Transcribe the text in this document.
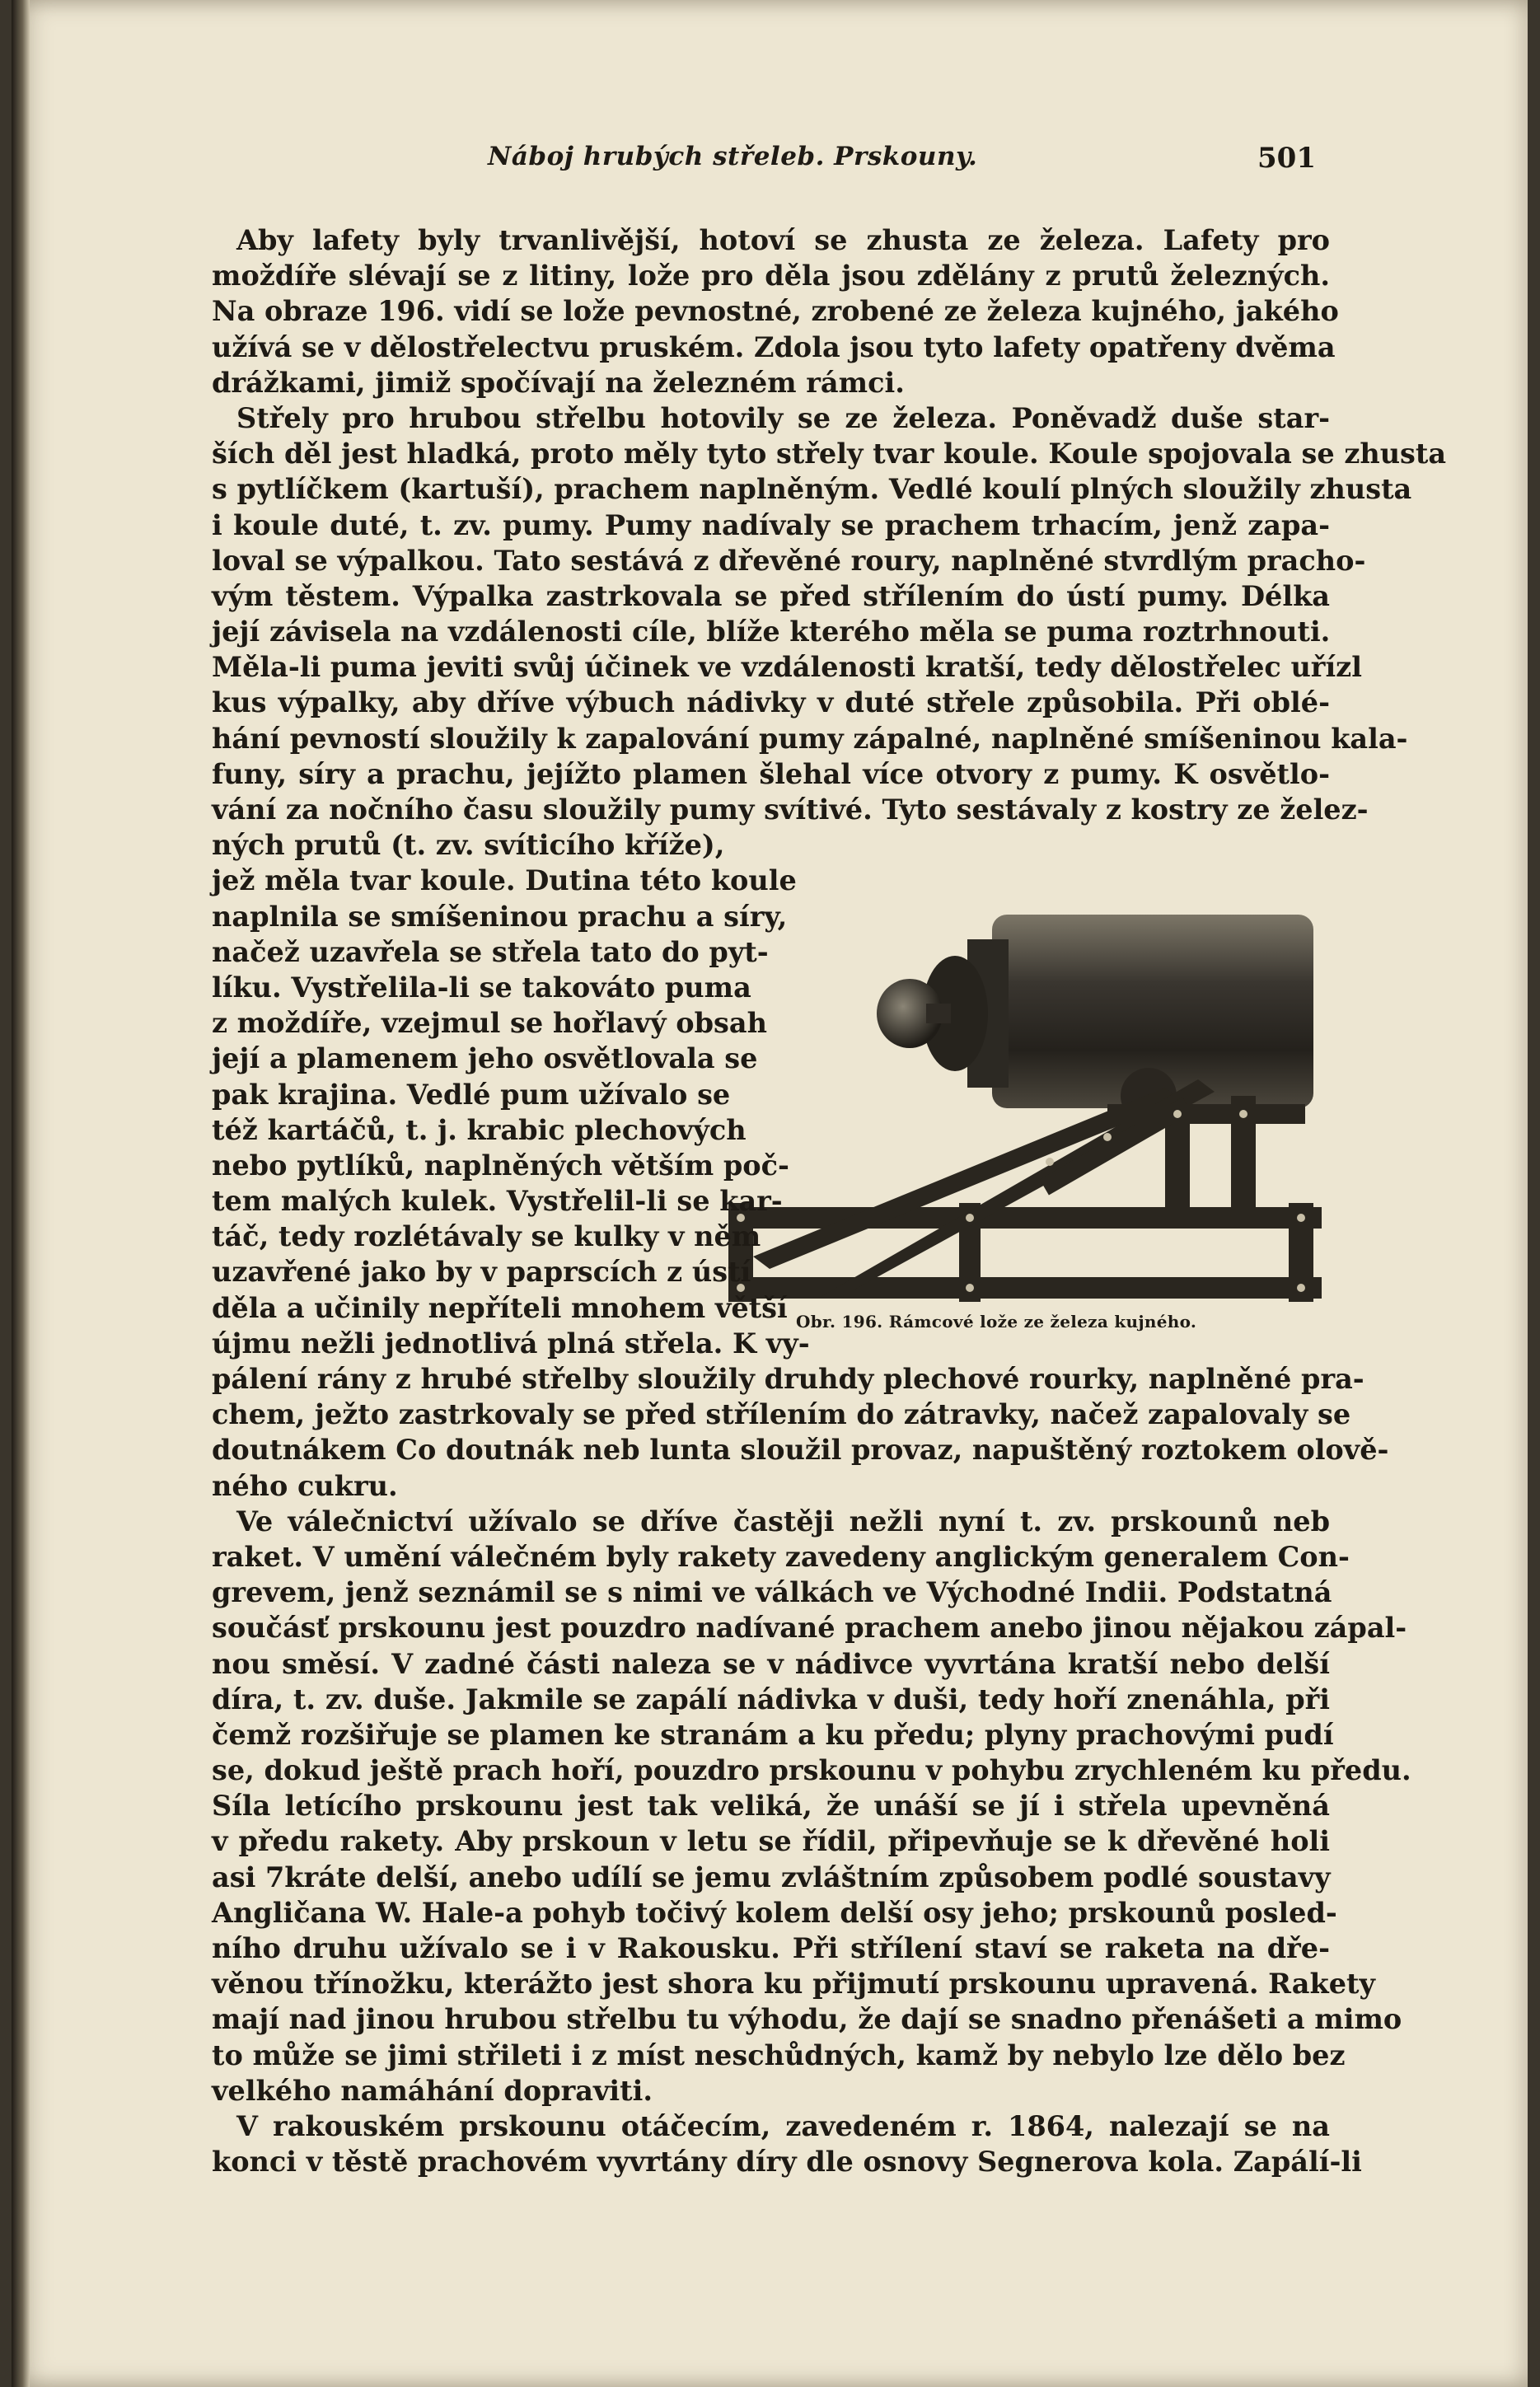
Náboj hrubých střeleb. Prskouny.	501
Obr. 196. Rámcové lože ze železa kujného.

Aby lafety byly trvanlivější, hotoví se zhusta ze železa. Lafety pro
moždíře slévají se z litiny, lože pro děla jsou zdělány z prutů železných.
Na obraze 196. vidí se lože pevnostné, zrobené ze železa kujného, jakého
užívá se v dělostřelectvu pruském. Zdola jsou tyto lafety opatřeny dvěma
drážkami, jimiž spočívají na železném rámci.

Střely pro hrubou střelbu hotovily se ze železa. Poněvadž duše star-
ších děl jest hladká, proto měly tyto střely tvar koule. Koule spojovala se zhusta
s pytlíčkem (kartuší), prachem naplněným. Vedlé koulí plných sloužily zhusta
i koule duté, t. zv. pumy. Pumy nadívaly se prachem trhacím, jenž zapa-
loval se výpalkou. Tato sestává z dřevěné roury, naplněné stvrdlým pracho-
vým těstem. Výpalka zastrkovala se před střílením do ústí pumy. Délka
její závisela na vzdálenosti cíle, blíže kterého měla se puma roztrhnouti.
Měla-li puma jeviti svůj účinek ve vzdálenosti kratší, tedy dělostřelec uřízl
kus výpalky, aby dříve výbuch nádivky v duté střele způsobila. Při oblé-
hání pevností sloužily k zapalování pumy zápalné, naplněné smíšeninou kala-
funy, síry a prachu, jejížto plamen šlehal více otvory z pumy. K osvětlo-
vání za nočního času sloužily pumy svítivé. Tyto sestávaly z kostry ze želez-

ných prutů (t. zv. svíticího kříže),
jež měla tvar koule. Dutina této koule
naplnila se smíšeninou prachu a síry,
načež uzavřela se střela tato do pyt-
líku. Vystřelila-li se takováto puma
z moždíře, vzejmul se hořlavý obsah
její a plamenem jeho osvětlovala se
pak krajina. Vedlé pum užívalo se
též kartáčů, t. j. krabic plechových
nebo pytlíků, naplněných větším poč-
tem malých kulek. Vystřelil-li se kar-
táč, tedy rozlétávaly se kulky v něm
uzavřené jako by v paprscích z ústí
děla a učinily nepříteli mnohem větší
újmu nežli jednotlivá plná střela. K vy-
pálení rány z hrubé střelby sloužily druhdy plechové rourky, naplněné pra-
chem, ježto zastrkovaly se před střílením do zátravky, načež zapalovaly se
doutnákem Co doutnák neb lunta sloužil provaz, napuštěný roztokem olově-
ného cukru.

Ve válečnictví užívalo se dříve častěji nežli nyní t. zv. prskounů neb
raket. V umění válečném byly rakety zavedeny anglickým generalem Con-
grevem, jenž seznámil se s nimi ve válkách ve Východné Indii. Podstatná
součásť prskounu jest pouzdro nadívané prachem anebo jinou nějakou zápal-
nou směsí. V zadné části naleza se v nádivce vyvrtána kratší nebo delší
díra, t. zv. duše. Jakmile se zapálí nádivka v duši, tedy hoří znenáhla, při
čemž rozšiřuje se plamen ke stranám a ku předu; plyny prachovými pudí
se, dokud ještě prach hoří, pouzdro prskounu v pohybu zrychleném ku předu.
Síla letícího prskounu jest tak veliká, že unáší se jí i střela upevněná
v předu rakety. Aby prskoun v letu se řídil, připevňuje se k dřevěné holi
asi 7kráte delší, anebo udílí se jemu zvláštním způsobem podlé soustavy
Angličana W. Hale-a pohyb točivý kolem delší osy jeho; prskounů posled-
ního druhu užívalo se i v Rakousku. Při střílení staví se raketa na dře-
věnou třínožku, kterážto jest shora ku přijmutí prskounu upravená. Rakety
mají nad jinou hrubou střelbu tu výhodu, že dají se snadno přenášeti a mimo
to může se jimi střileti i z míst neschůdných, kamž by nebylo lze dělo bez
velkého namáhání dopraviti.

V rakouském prskounu otáčecím, zavedeném r. 1864, nalezají se na
konci v těstě prachovém vyvrtány díry dle osnovy Segnerova kola. Zapálí-li
